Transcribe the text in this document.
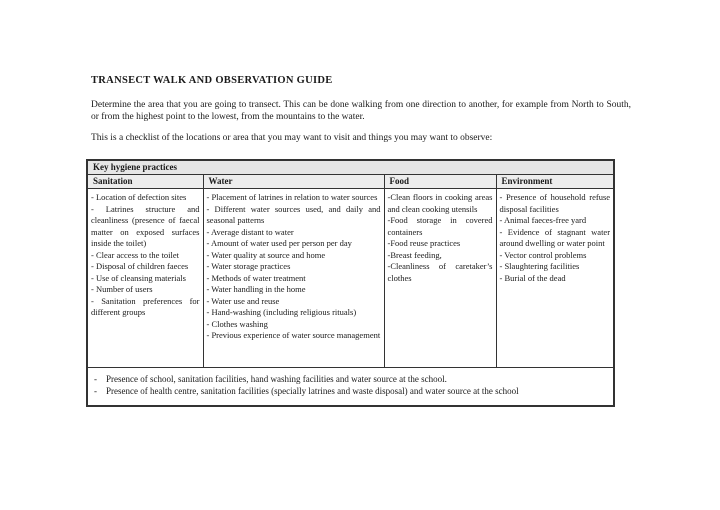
TRANSECT WALK AND OBSERVATION GUIDE

Determine the area that you are going to transect. This can be done walking from one direction to another, for example from North to South, or from the highest point to the lowest, from the mountains to the water.

This is a checklist of the locations or area that you may want to visit and things you may want to observe:

Key hygiene practices			
Sanitation	Water	Food	Environment

- Location of defection sites
- Latrines structure and cleanliness (presence of faecal matter on exposed surfaces inside the toilet)
- Clear access to the toilet
- Disposal of children faeces
- Use of cleansing materials
- Number of users
- Sanitation preferences for different groups

- Placement of latrines in relation to water sources
- Different water sources used, and daily and seasonal patterns
- Average distant to water
- Amount of water used per person per day
- Water quality at source and home
- Water storage practices
- Methods of water treatment
- Water handling in the home
- Water use and reuse
- Hand-washing (including religious rituals)
- Clothes washing
- Previous experience of water source management

-Clean floors in cooking areas and clean cooking utensils
-Food storage in covered containers
-Food reuse practices
-Breast feeding,
-Cleanliness of caretaker’s clothes

- Presence of household refuse disposal facilities
- Animal faeces-free yard
- Evidence of stagnant water around dwelling or water point
- Vector control problems
- Slaughtering facilities
- Burial of the dead

- Presence of school, sanitation facilities, hand washing facilities and water source at the school.
- Presence of health centre, sanitation facilities (specially latrines and waste disposal) and water source at the school			
